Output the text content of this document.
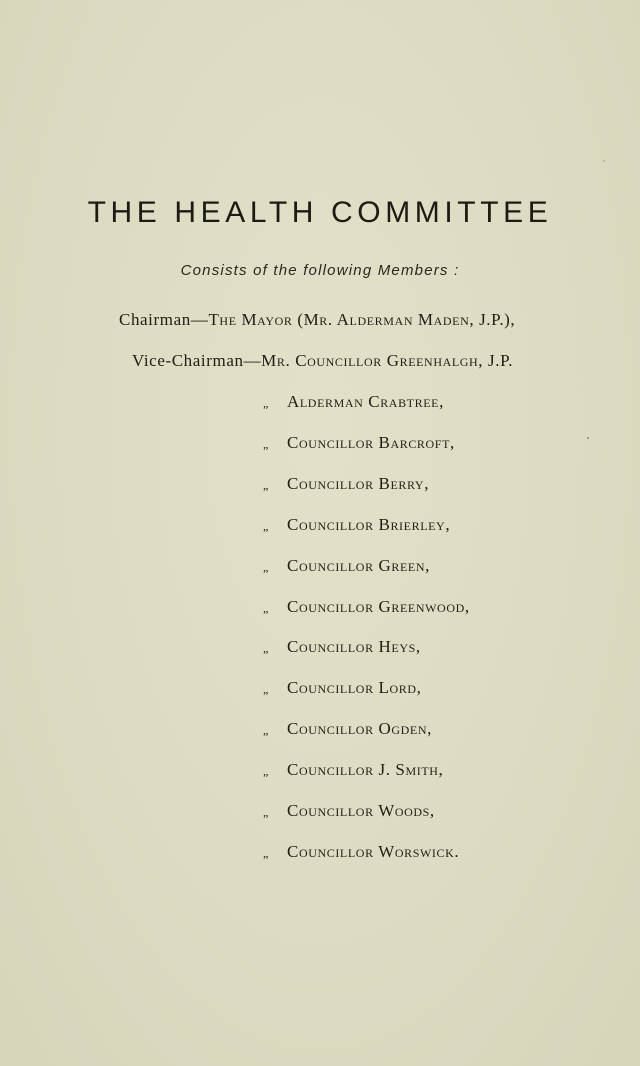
THE HEALTH COMMITTEE
Consists of the following Members :
Chairman—The Mayor (Mr. Alderman Maden, J.P.),
Vice-Chairman—Mr. Councillor Greenhalgh, J.P.
„ Alderman Crabtree,
„ Councillor Barcroft,
„ Councillor Berry,
„ Councillor Brierley,
„ Councillor Green,
„ Councillor Greenwood,
„ Councillor Heys,
„ Councillor Lord,
„ Councillor Ogden,
„ Councillor J. Smith,
„ Councillor Woods,
„ Councillor Worswick.
